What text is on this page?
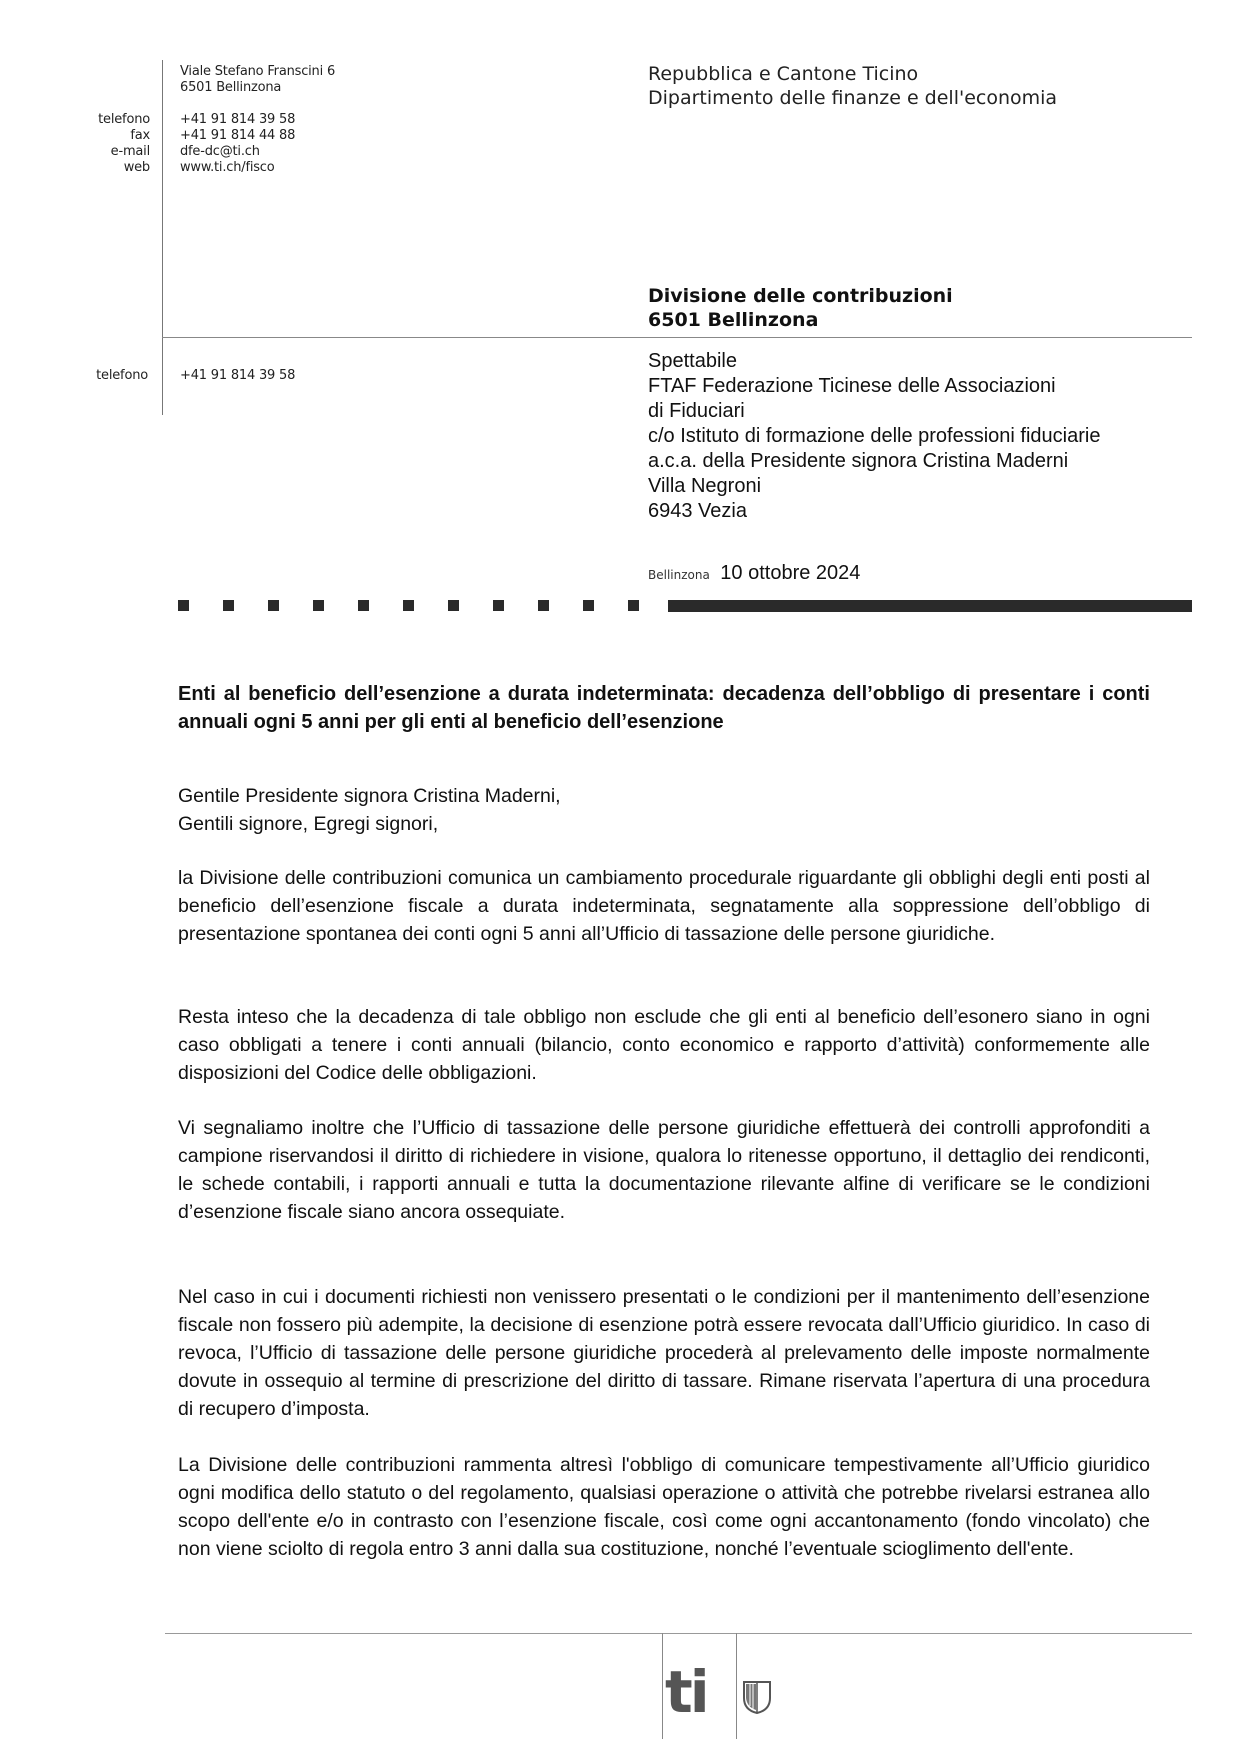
Viale Stefano Franscini 6
6501 Bellinzona
telefono +41 91 814 39 58
fax +41 91 814 44 88
e-mail dfe-dc@ti.ch
web www.ti.ch/fisco
telefono +41 91 814 39 58
Repubblica e Cantone Ticino
Dipartimento delle finanze e dell'economia
Divisione delle contribuzioni
6501 Bellinzona
Spettabile
FTAF Federazione Ticinese delle Associazioni
di Fiduciari
c/o Istituto di formazione delle professioni fiduciarie
a.c.a. della Presidente signora Cristina Maderni
Villa Negroni
6943 Vezia
Bellinzona 10 ottobre 2024
Enti al beneficio dell’esenzione a durata indeterminata: decadenza dell’obbligo di presentare i conti annuali ogni 5 anni per gli enti al beneficio dell’esenzione
Gentile Presidente signora Cristina Maderni,
Gentili signore, Egregi signori,
la Divisione delle contribuzioni comunica un cambiamento procedurale riguardante gli obblighi degli enti posti al beneficio dell’esenzione fiscale a durata indeterminata, segnatamente alla soppressione dell’obbligo di presentazione spontanea dei conti ogni 5 anni all’Ufficio di tassazione delle persone giuridiche.
Resta inteso che la decadenza di tale obbligo non esclude che gli enti al beneficio dell’esonero siano in ogni caso obbligati a tenere i conti annuali (bilancio, conto economico e rapporto d’attività) conformemente alle disposizioni del Codice delle obbligazioni.
Vi segnaliamo inoltre che l’Ufficio di tassazione delle persone giuridiche effettuerà dei controlli approfonditi a campione riservandosi il diritto di richiedere in visione, qualora lo ritenesse opportuno, il dettaglio dei rendiconti, le schede contabili, i rapporti annuali e tutta la documentazione rilevante alfine di verificare se le condizioni d’esenzione fiscale siano ancora ossequiate.
Nel caso in cui i documenti richiesti non venissero presentati o le condizioni per il mantenimento dell’esenzione fiscale non fossero più adempite, la decisione di esenzione potrà essere revocata dall’Ufficio giuridico. In caso di revoca, l’Ufficio di tassazione delle persone giuridiche procederà al prelevamento delle imposte normalmente dovute in ossequio al termine di prescrizione del diritto di tassare. Rimane riservata l’apertura di una procedura di recupero d’imposta.
La Divisione delle contribuzioni rammenta altresì l'obbligo di comunicare tempestivamente all’Ufficio giuridico ogni modifica dello statuto o del regolamento, qualsiasi operazione o attività che potrebbe rivelarsi estranea allo scopo dell'ente e/o in contrasto con l’esenzione fiscale, così come ogni accantonamento (fondo vincolato) che non viene sciolto di regola entro 3 anni dalla sua costituzione, nonché l’eventuale scioglimento dell'ente.
ti
